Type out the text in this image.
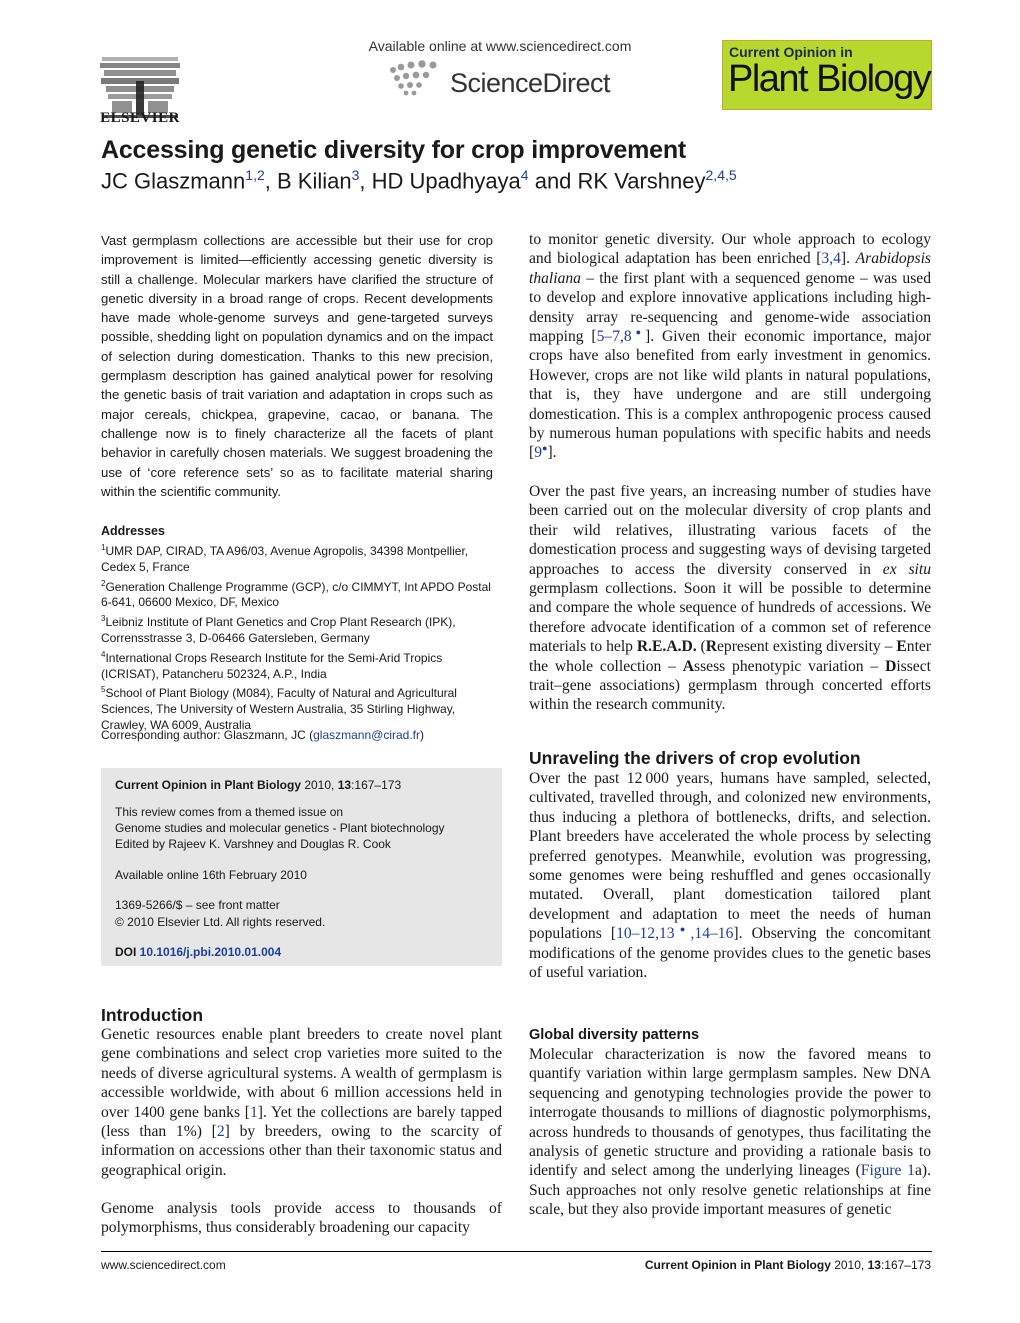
ELSEVIER
Available online at www.sciencedirect.com
ScienceDirect
Current Opinion in
Plant Biology
Accessing genetic diversity for crop improvement
JC Glaszmann$^{1,2}$, B Kilian$^3$, HD Upadhyaya$^4$ and RK Varshney$^{2,4,5}$
Vast germplasm collections are accessible but their use for crop improvement is limited—efficiently accessing genetic diversity is still a challenge. Molecular markers have clarified the structure of genetic diversity in a broad range of crops. Recent developments have made whole-genome surveys and gene-targeted surveys possible, shedding light on population dynamics and on the impact of selection during domestication. Thanks to this new precision, germplasm description has gained analytical power for resolving the genetic basis of trait variation and adaptation in crops such as major cereals, chickpea, grapevine, cacao, or banana. The challenge now is to finely characterize all the facets of plant behavior in carefully chosen materials. We suggest broadening the use of ‘core reference sets’ so as to facilitate material sharing within the scientific community.
Addresses
$^1$UMR DAP, CIRAD, TA A96/03, Avenue Agropolis, 34398 Montpellier, Cedex 5, France
$^2$Generation Challenge Programme (GCP), c/o CIMMYT, Int APDO Postal 6-641, 06600 Mexico, DF, Mexico
$^3$Leibniz Institute of Plant Genetics and Crop Plant Research (IPK), Corrensstrasse 3, D-06466 Gatersleben, Germany
$^4$International Crops Research Institute for the Semi-Arid Tropics (ICRISAT), Patancheru 502324, A.P., India
$^5$School of Plant Biology (M084), Faculty of Natural and Agricultural Sciences, The University of Western Australia, 35 Stirling Highway, Crawley, WA 6009, Australia
Corresponding author: Glaszmann, JC (glaszmann@cirad.fr)
Current Opinion in Plant Biology 2010, 13:167–173
This review comes from a themed issue on
Genome studies and molecular genetics - Plant biotechnology
Edited by Rajeev K. Varshney and Douglas R. Cook
Available online 16th February 2010
1369-5266/$ – see front matter
© 2010 Elsevier Ltd. All rights reserved.
DOI 10.1016/j.pbi.2010.01.004
Introduction
Genetic resources enable plant breeders to create novel plant gene combinations and select crop varieties more suited to the needs of diverse agricultural systems. A wealth of germplasm is accessible worldwide, with about 6 million accessions held in over 1400 gene banks [1]. Yet the collections are barely tapped (less than 1%) [2] by breeders, owing to the scarcity of information on accessions other than their taxonomic status and geographical origin.
Genome analysis tools provide access to thousands of polymorphisms, thus considerably broadening our capacity
to monitor genetic diversity. Our whole approach to ecology and biological adaptation has been enriched [3,4]. Arabidopsis thaliana – the first plant with a sequenced genome – was used to develop and explore innovative applications including high-density array re-sequencing and genome-wide association mapping [5–7,8●]. Given their economic importance, major crops have also benefited from early investment in genomics. However, crops are not like wild plants in natural populations, that is, they have undergone and are still undergoing domestication. This is a complex anthropogenic process caused by numerous human populations with specific habits and needs [9●].
Over the past five years, an increasing number of studies have been carried out on the molecular diversity of crop plants and their wild relatives, illustrating various facets of the domestication process and suggesting ways of devising targeted approaches to access the diversity conserved in ex situ germplasm collections. Soon it will be possible to determine and compare the whole sequence of hundreds of accessions. We therefore advocate identification of a common set of reference materials to help R.E.A.D. (Represent existing diversity – Enter the whole collection – Assess phenotypic variation – Dissect trait–gene associations) germplasm through concerted efforts within the research community.
Unraveling the drivers of crop evolution
Over the past 12 000 years, humans have sampled, selected, cultivated, travelled through, and colonized new environments, thus inducing a plethora of bottlenecks, drifts, and selection. Plant breeders have accelerated the whole process by selecting preferred genotypes. Meanwhile, evolution was progressing, some genomes were being reshuffled and genes occasionally mutated. Overall, plant domestication tailored plant development and adaptation to meet the needs of human populations [10–12,13●,14–16]. Observing the concomitant modifications of the genome provides clues to the genetic bases of useful variation.
Global diversity patterns
Molecular characterization is now the favored means to quantify variation within large germplasm samples. New DNA sequencing and genotyping technologies provide the power to interrogate thousands to millions of diagnostic polymorphisms, across hundreds to thousands of genotypes, thus facilitating the analysis of genetic structure and providing a rationale basis to identify and select among the underlying lineages (Figure 1a). Such approaches not only resolve genetic relationships at fine scale, but they also provide important measures of genetic
www.sciencedirect.com	Current Opinion in Plant Biology 2010, 13:167–173
